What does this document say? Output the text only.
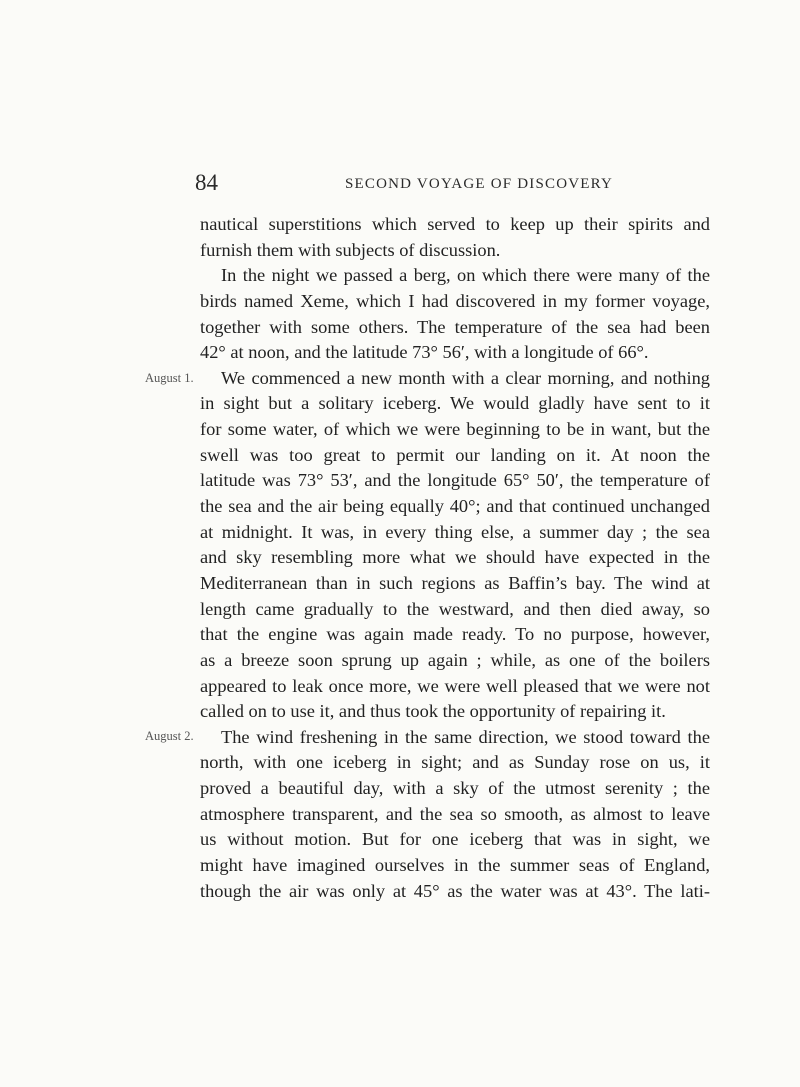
84	SECOND VOYAGE OF DISCOVERY
August 1.
August 2.
nautical superstitions which served to keep up their spirits and
furnish them with subjects of discussion.
In the night we passed a berg, on which there were many of the
birds named Xeme, which I had discovered in my former voyage,
together with some others. The temperature of the sea had been
42° at noon, and the latitude 73° 56′, with a longitude of 66°.
We commenced a new month with a clear morning, and nothing
in sight but a solitary iceberg. We would gladly have sent to it
for some water, of which we were beginning to be in want, but the
swell was too great to permit our landing on it. At noon the
latitude was 73° 53′, and the longitude 65° 50′, the temperature of
the sea and the air being equally 40°; and that continued unchanged
at midnight. It was, in every thing else, a summer day ; the sea
and sky resembling more what we should have expected in the
Mediterranean than in such regions as Baffin’s bay. The wind at
length came gradually to the westward, and then died away, so
that the engine was again made ready. To no purpose, however,
as a breeze soon sprung up again ; while, as one of the boilers
appeared to leak once more, we were well pleased that we were not
called on to use it, and thus took the opportunity of repairing it.
The wind freshening in the same direction, we stood toward the
north, with one iceberg in sight; and as Sunday rose on us, it
proved a beautiful day, with a sky of the utmost serenity ; the
atmosphere transparent, and the sea so smooth, as almost to leave
us without motion. But for one iceberg that was in sight, we
might have imagined ourselves in the summer seas of England,
though the air was only at 45° as the water was at 43°. The lati-
